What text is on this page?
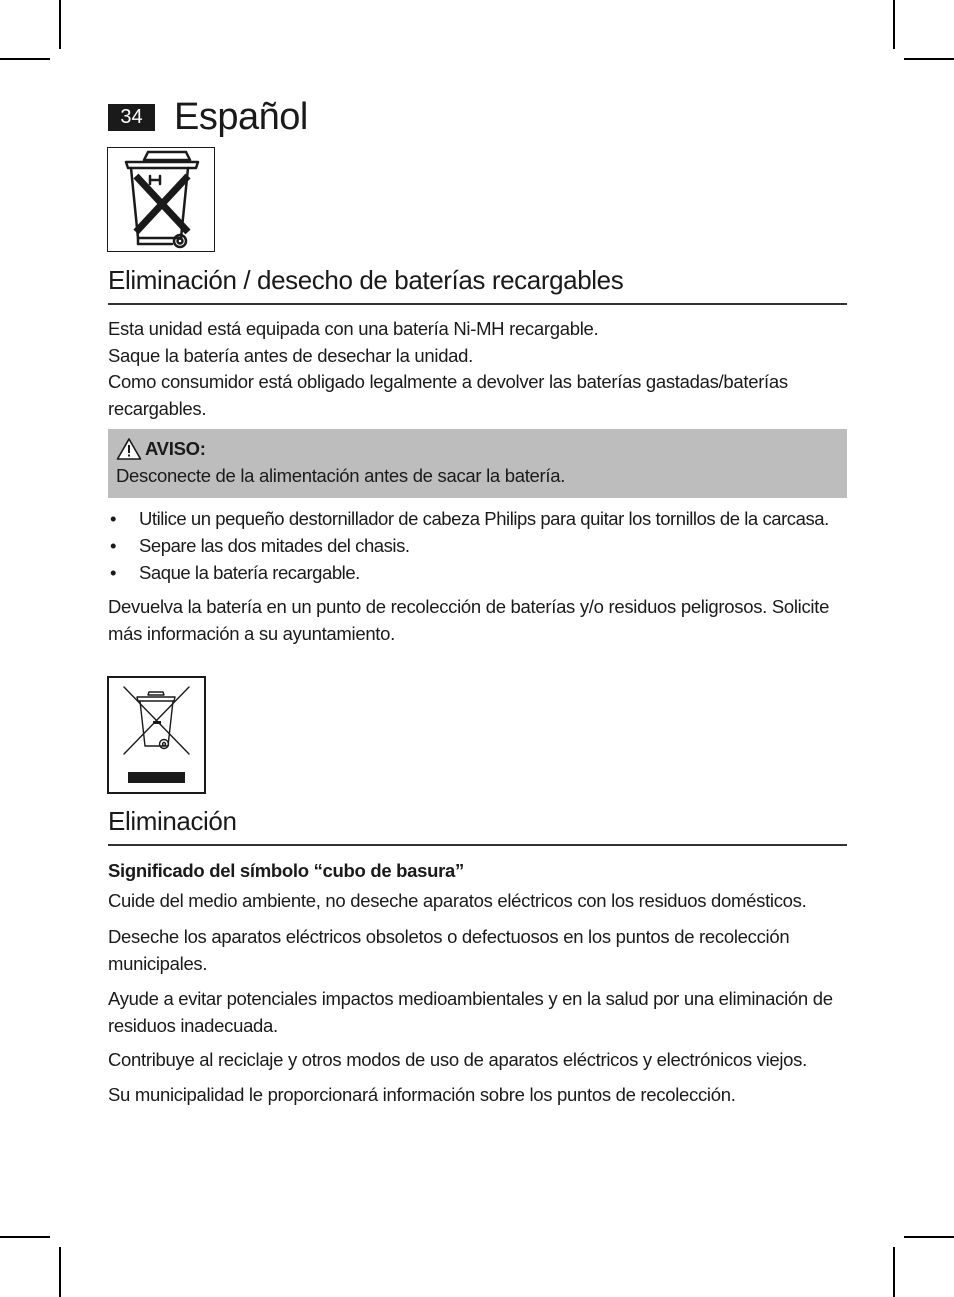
34 Español
Eliminación / desecho de baterías recargables
Esta unidad está equipada con una batería Ni-MH recargable.
Saque la batería antes de desechar la unidad.
Como consumidor está obligado legalmente a devolver las baterías gastadas/baterías recargables.
AVISO:
Desconecte de la alimentación antes de sacar la batería.
• Utilice un pequeño destornillador de cabeza Philips para quitar los tornillos de la carcasa.
• Separe las dos mitades del chasis.
• Saque la batería recargable.

Devuelva la batería en un punto de recolección de baterías y/o residuos peligrosos. Solicite más información a su ayuntamiento.

Eliminación
Significado del símbolo “cubo de basura”

Cuide del medio ambiente, no deseche aparatos eléctricos con los residuos domésticos.

Deseche los aparatos eléctricos obsoletos o defectuosos en los puntos de recolección municipales.

Ayude a evitar potenciales impactos medioambientales y en la salud por una eliminación de residuos inadecuada.

Contribuye al reciclaje y otros modos de uso de aparatos eléctricos y electrónicos viejos.

Su municipalidad le proporcionará información sobre los puntos de recolección.
